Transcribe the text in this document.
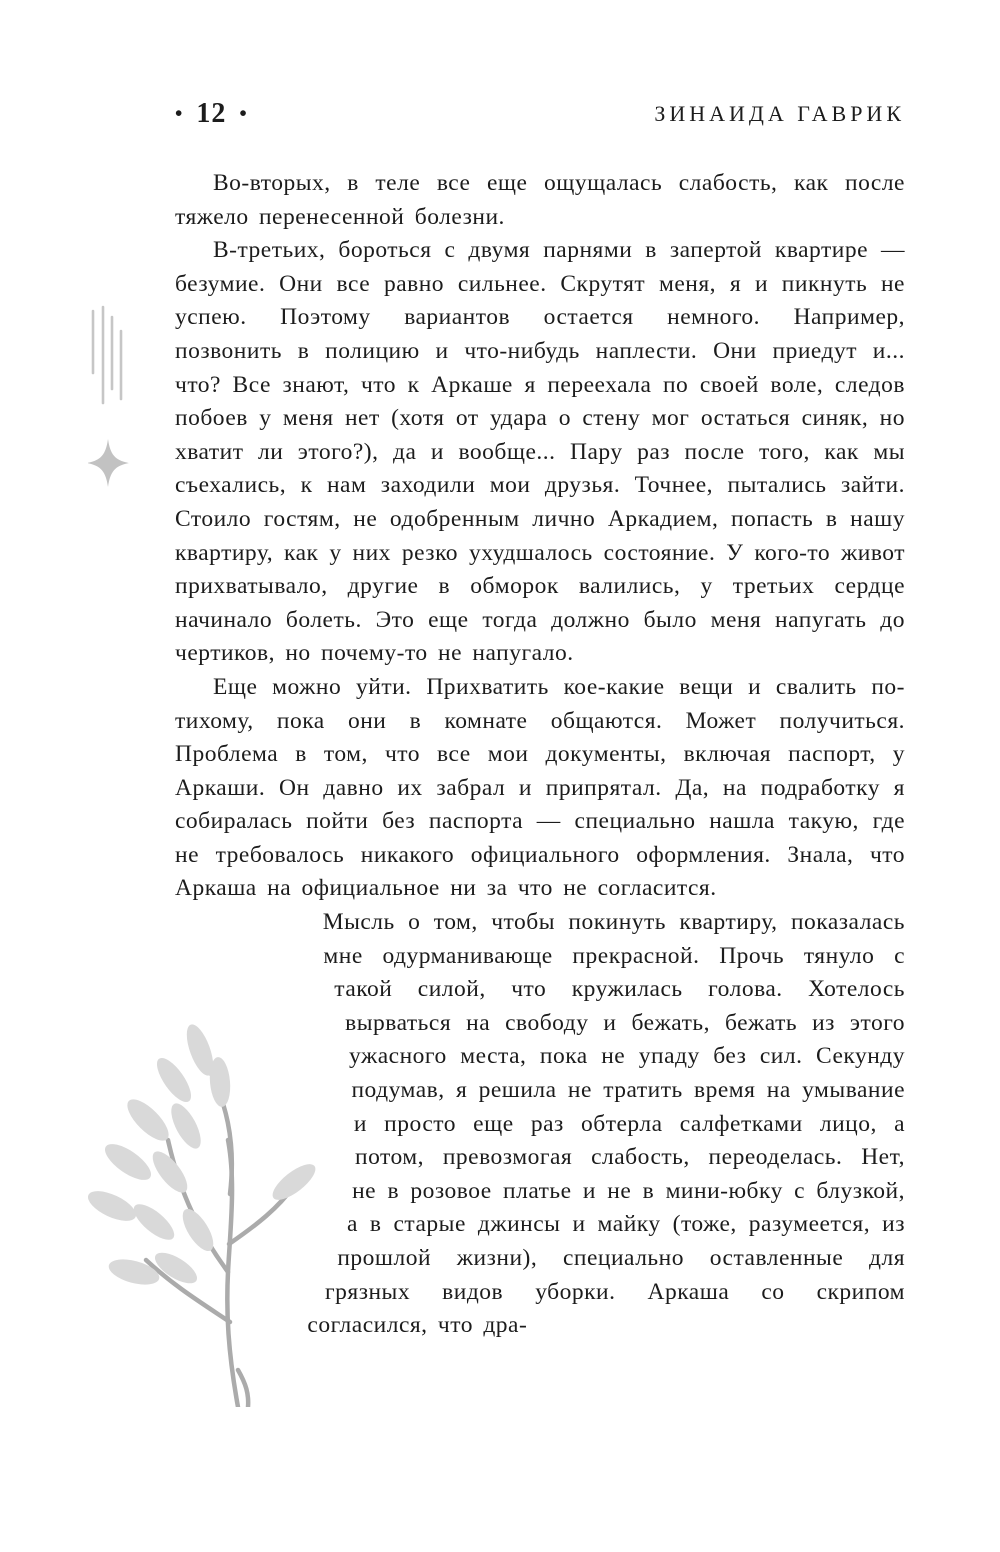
• 12 •	ЗИНАИДА ГАВРИК

Во-вторых, в теле все еще ощущалась слабость, как после тяжело перенесенной болезни.

В-третьих, бороться с двумя парнями в запертой квартире — безумие. Они все равно сильнее. Скрутят меня, я и пикнуть не успею. Поэтому вариантов остается немного. Например, позвонить в полицию и что-нибудь наплести. Они приедут и... что? Все знают, что к Аркаше я переехала по своей воле, следов побоев у меня нет (хотя от удара о стену мог остаться синяк, но хватит ли этого?), да и вообще... Пару раз после того, как мы съехались, к нам заходили мои друзья. Точнее, пытались зайти. Стоило гостям, не одобренным лично Аркадием, попасть в нашу квартиру, как у них резко ухудшалось состояние. У кого-то живот прихватывало, другие в обморок валились, у третьих сердце начинало болеть. Это еще тогда должно было меня напугать до чертиков, но почему-то не напугало.

Еще можно уйти. Прихватить кое-какие вещи и свалить по-тихому, пока они в комнате общаются. Может получиться. Проблема в том, что все мои документы, включая паспорт, у Аркаши. Он давно их забрал и припрятал. Да, на подработку я собиралась пойти без паспорта — специально нашла такую, где не требовалось никакого официального оформления. Знала, что Аркаша на официальное ни за что не согласится.

Мысль о том, чтобы покинуть квартиру, показалась мне одурманивающе прекрасной. Прочь тянуло с такой силой, что кружилась голова. Хотелось вырваться на свободу и бежать, бежать из этого ужасного места, пока не упаду без сил. Секунду подумав, я решила не тратить время на умывание и просто еще раз обтерла салфетками лицо, а потом, превозмогая слабость, переоделась. Нет, не в розовое платье и не в мини-юбку с блузкой, а в старые джинсы и майку (тоже, разумеется, из прошлой жизни), специально оставленные для грязных видов уборки. Аркаша со скрипом согласился, что дра-
